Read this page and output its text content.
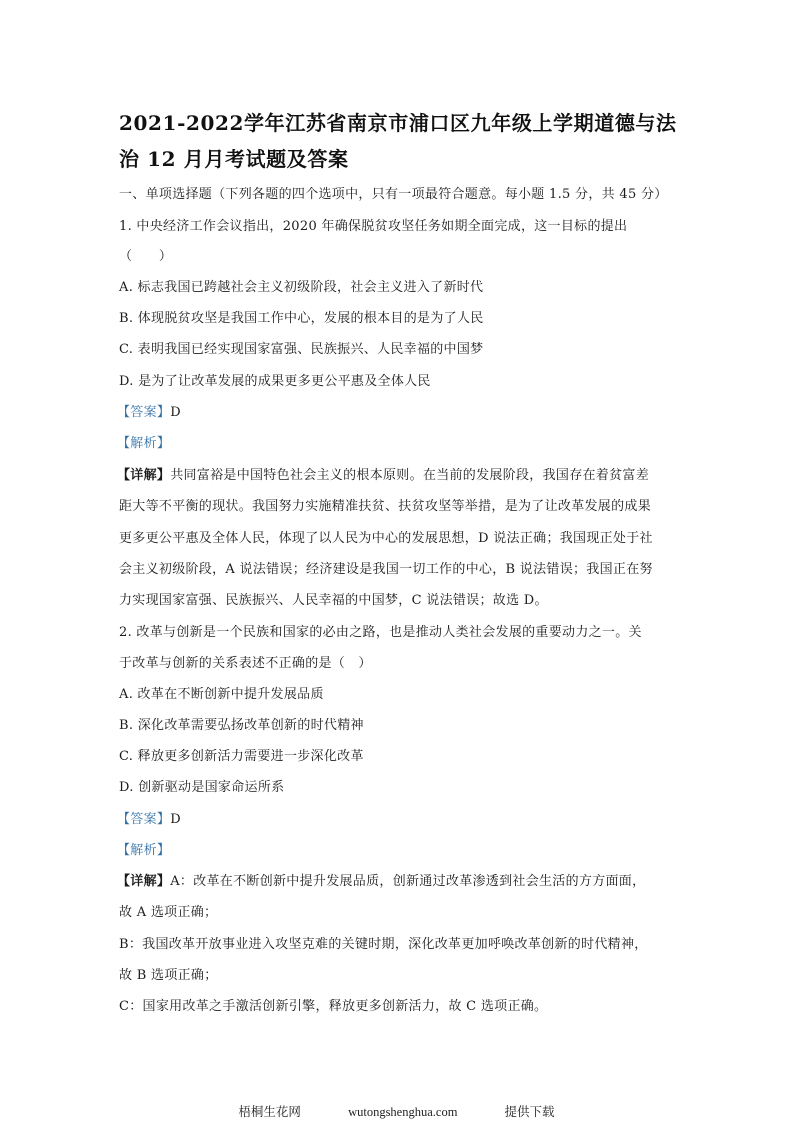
2021-2022学年江苏省南京市浦口区九年级上学期道德与法
治 12 月月考试题及答案
一、单项选择题（下列各题的四个选项中，只有一项最符合题意。每小题 1.5 分，共 45 分）
1. 中央经济工作会议指出，2020 年确保脱贫攻坚任务如期全面完成，这一目标的提出
（　　）
A. 标志我国已跨越社会主义初级阶段，社会主义进入了新时代
B. 体现脱贫攻坚是我国工作中心，发展的根本目的是为了人民
C. 表明我国已经实现国家富强、民族振兴、人民幸福的中国梦
D. 是为了让改革发展的成果更多更公平惠及全体人民
【答案】D
【解析】
【详解】共同富裕是中国特色社会主义的根本原则。在当前的发展阶段，我国存在着贫富差
距大等不平衡的现状。我国努力实施精准扶贫、扶贫攻坚等举措，是为了让改革发展的成果
更多更公平惠及全体人民，体现了以人民为中心的发展思想，D 说法正确；我国现正处于社
会主义初级阶段，A 说法错误；经济建设是我国一切工作的中心，B 说法错误；我国正在努
力实现国家富强、民族振兴、人民幸福的中国梦，C 说法错误；故选 D。
2. 改革与创新是一个民族和国家的必由之路，也是推动人类社会发展的重要动力之一。关
于改革与创新的关系表述不正确的是（　）
A. 改革在不断创新中提升发展品质
B. 深化改革需要弘扬改革创新的时代精神
C. 释放更多创新活力需要进一步深化改革
D. 创新驱动是国家命运所系
【答案】D
【解析】
【详解】A：改革在不断创新中提升发展品质，创新通过改革渗透到社会生活的方方面面，
故 A 选项正确；
B：我国改革开放事业进入攻坚克难的关键时期，深化改革更加呼唤改革创新的时代精神，
故 B 选项正确；
C：国家用改革之手激活创新引擎，释放更多创新活力，故 C 选项正确。
梧桐生花网	wutongshenghua.com	提供下载
